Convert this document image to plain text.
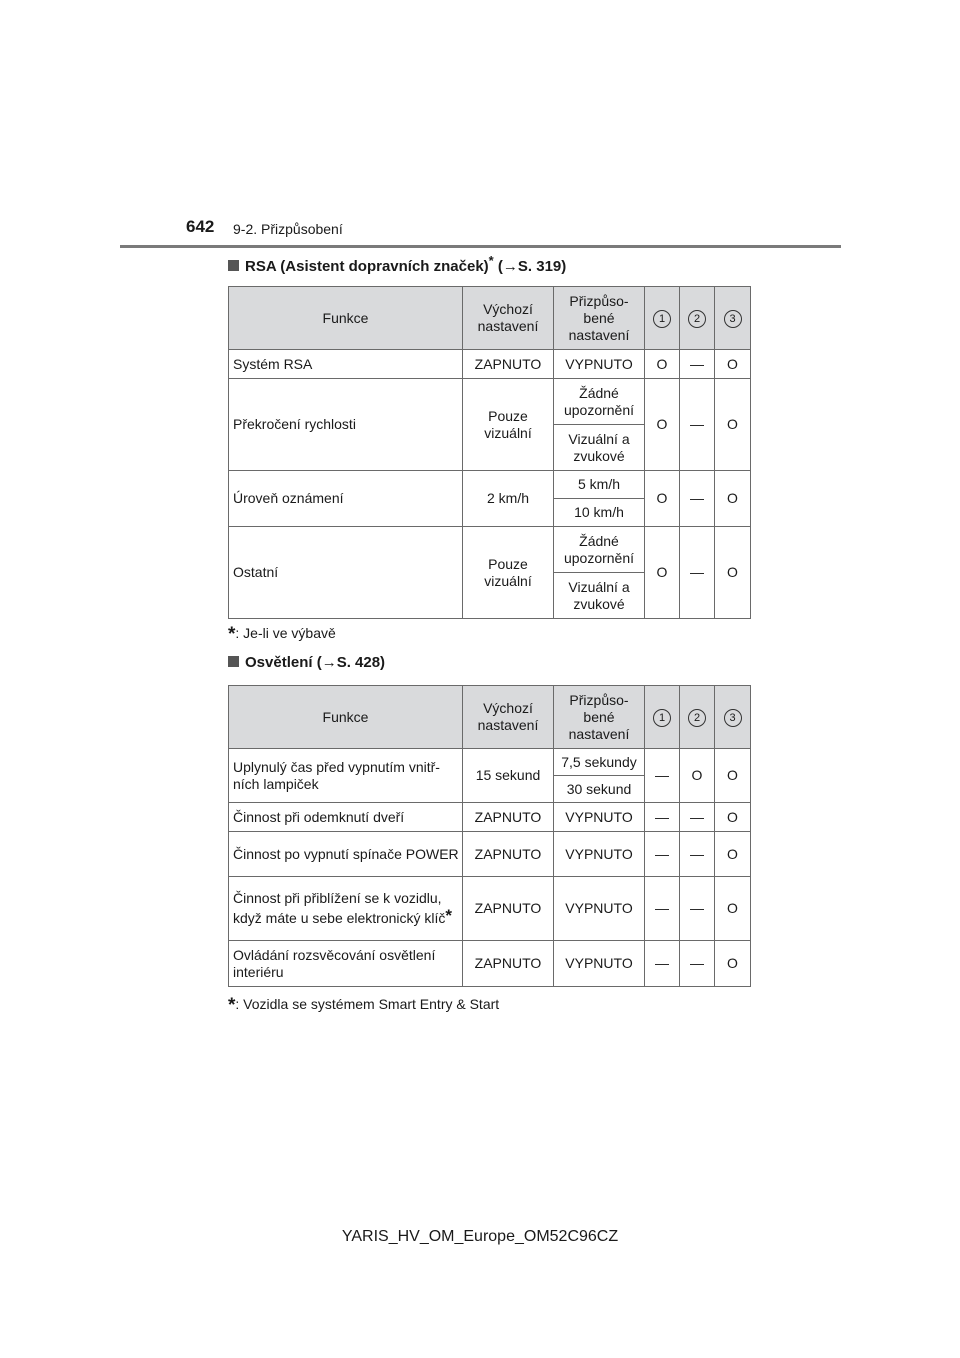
642 9-2. Přizpůsobení
RSA (Asistent dopravních značek)* (→S. 319)
Funkce	Výchozí nastavení	Přizpůso-bené nastavení	1	2	3
Systém RSA	ZAPNUTO	VYPNUTO	O	—	O
Překročení rychlosti	Pouze vizuální	Žádné upozornění	O	—	O
		Vizuální a zvukové			
Úroveň oznámení	2 km/h	5 km/h	O	—	O
		10 km/h			
Ostatní	Pouze vizuální	Žádné upozornění	O	—	O
		Vizuální a zvukové			
*: Je-li ve výbavě
Osvětlení (→S. 428)
Funkce	Výchozí nastavení	Přizpůso-bené nastavení	1	2	3
Uplynulý čas před vypnutím vnitř-ních lampiček	15 sekund	7,5 sekundy	—	O	O
		30 sekund			
Činnost při odemknutí dveří	ZAPNUTO	VYPNUTO	—	—	O
Činnost po vypnutí spínače POWER	ZAPNUTO	VYPNUTO	—	—	O
Činnost při přiblížení se k vozidlu, když máte u sebe elektronický klíč*	ZAPNUTO	VYPNUTO	—	—	O
Ovládání rozsvěcování osvětlení interiéru	ZAPNUTO	VYPNUTO	—	—	O
*: Vozidla se systémem Smart Entry & Start
YARIS_HV_OM_Europe_OM52C96CZ
